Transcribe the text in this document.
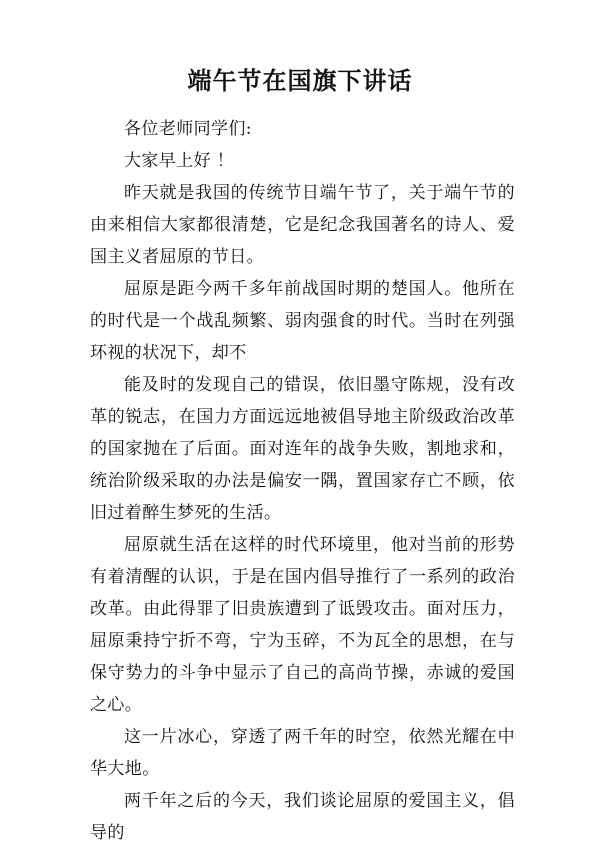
端午节在国旗下讲话

各位老师同学们:

大家早上好 ！

昨天就是我国的传统节日端午节了，关于端午节的由来相信大家都很清楚，它是纪念我国著名的诗人、爱国主义者屈原的节日。

屈原是距今两千多年前战国时期的楚国人。他所在的时代是一个战乱频繁、弱肉强食的时代。当时在列强环视的状况下，却不

能及时的发现自己的错误，依旧墨守陈规，没有改革的锐志，在国力方面远远地被倡导地主阶级政治改革的国家抛在了后面。面对连年的战争失败，割地求和，统治阶级采取的办法是偏安一隅，置国家存亡不顾，依旧过着醉生梦死的生活。

屈原就生活在这样的时代环境里，他对当前的形势有着清醒的认识，于是在国内倡导推行了一系列的政治改革。由此得罪了旧贵族遭到了诋毁攻击。面对压力，屈原秉持宁折不弯，宁为玉碎，不为瓦全的思想，在与保守势力的斗争中显示了自己的高尚节操，赤诚的爱国之心。

这一片冰心，穿透了两千年的时空，依然光耀在中华大地。

两千年之后的今天，我们谈论屈原的爱国主义，倡导的
